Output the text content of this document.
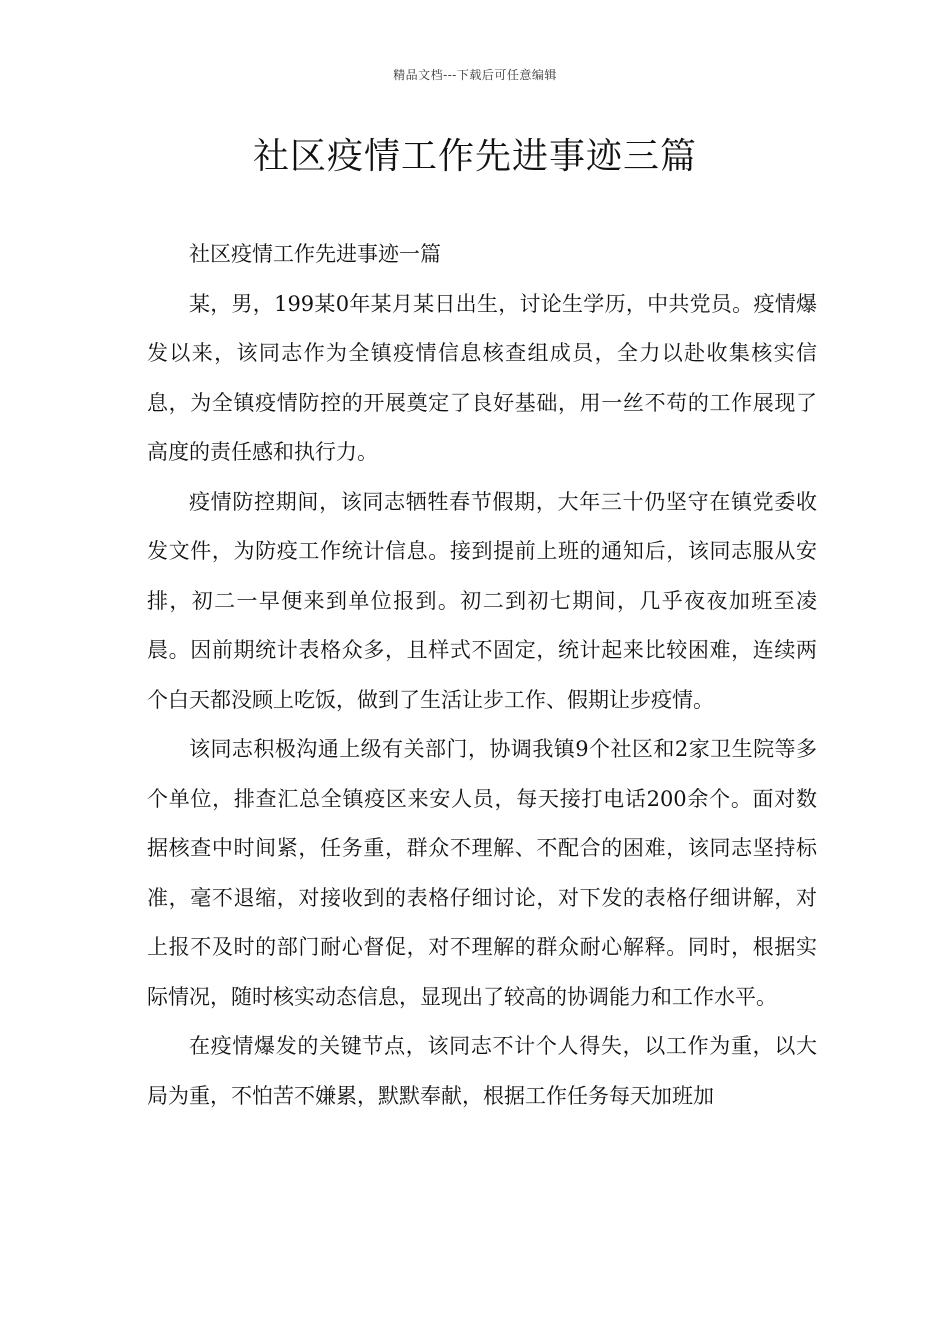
精品文档---下载后可任意编辑
社区疫情工作先进事迹三篇

社区疫情工作先进事迹一篇

某，男，199某0年某月某日出生，讨论生学历，中共党员。疫情爆发以来，该同志作为全镇疫情信息核查组成员，全力以赴收集核实信息，为全镇疫情防控的开展奠定了良好基础，用一丝不苟的工作展现了高度的责任感和执行力。

疫情防控期间，该同志牺牲春节假期，大年三十仍坚守在镇党委收发文件，为防疫工作统计信息。接到提前上班的通知后，该同志服从安排，初二一早便来到单位报到。初二到初七期间，几乎夜夜加班至凌晨。因前期统计表格众多，且样式不固定，统计起来比较困难，连续两个白天都没顾上吃饭，做到了生活让步工作、假期让步疫情。

该同志积极沟通上级有关部门，协调我镇9个社区和2家卫生院等多个单位，排查汇总全镇疫区来安人员，每天接打电话200余个。面对数据核查中时间紧，任务重，群众不理解、不配合的困难，该同志坚持标准，毫不退缩，对接收到的表格仔细讨论，对下发的表格仔细讲解，对上报不及时的部门耐心督促，对不理解的群众耐心解释。同时，根据实际情况，随时核实动态信息，显现出了较高的协调能力和工作水平。

在疫情爆发的关键节点，该同志不计个人得失，以工作为重，以大局为重，不怕苦不嫌累，默默奉献，根据工作任务每天加班加
